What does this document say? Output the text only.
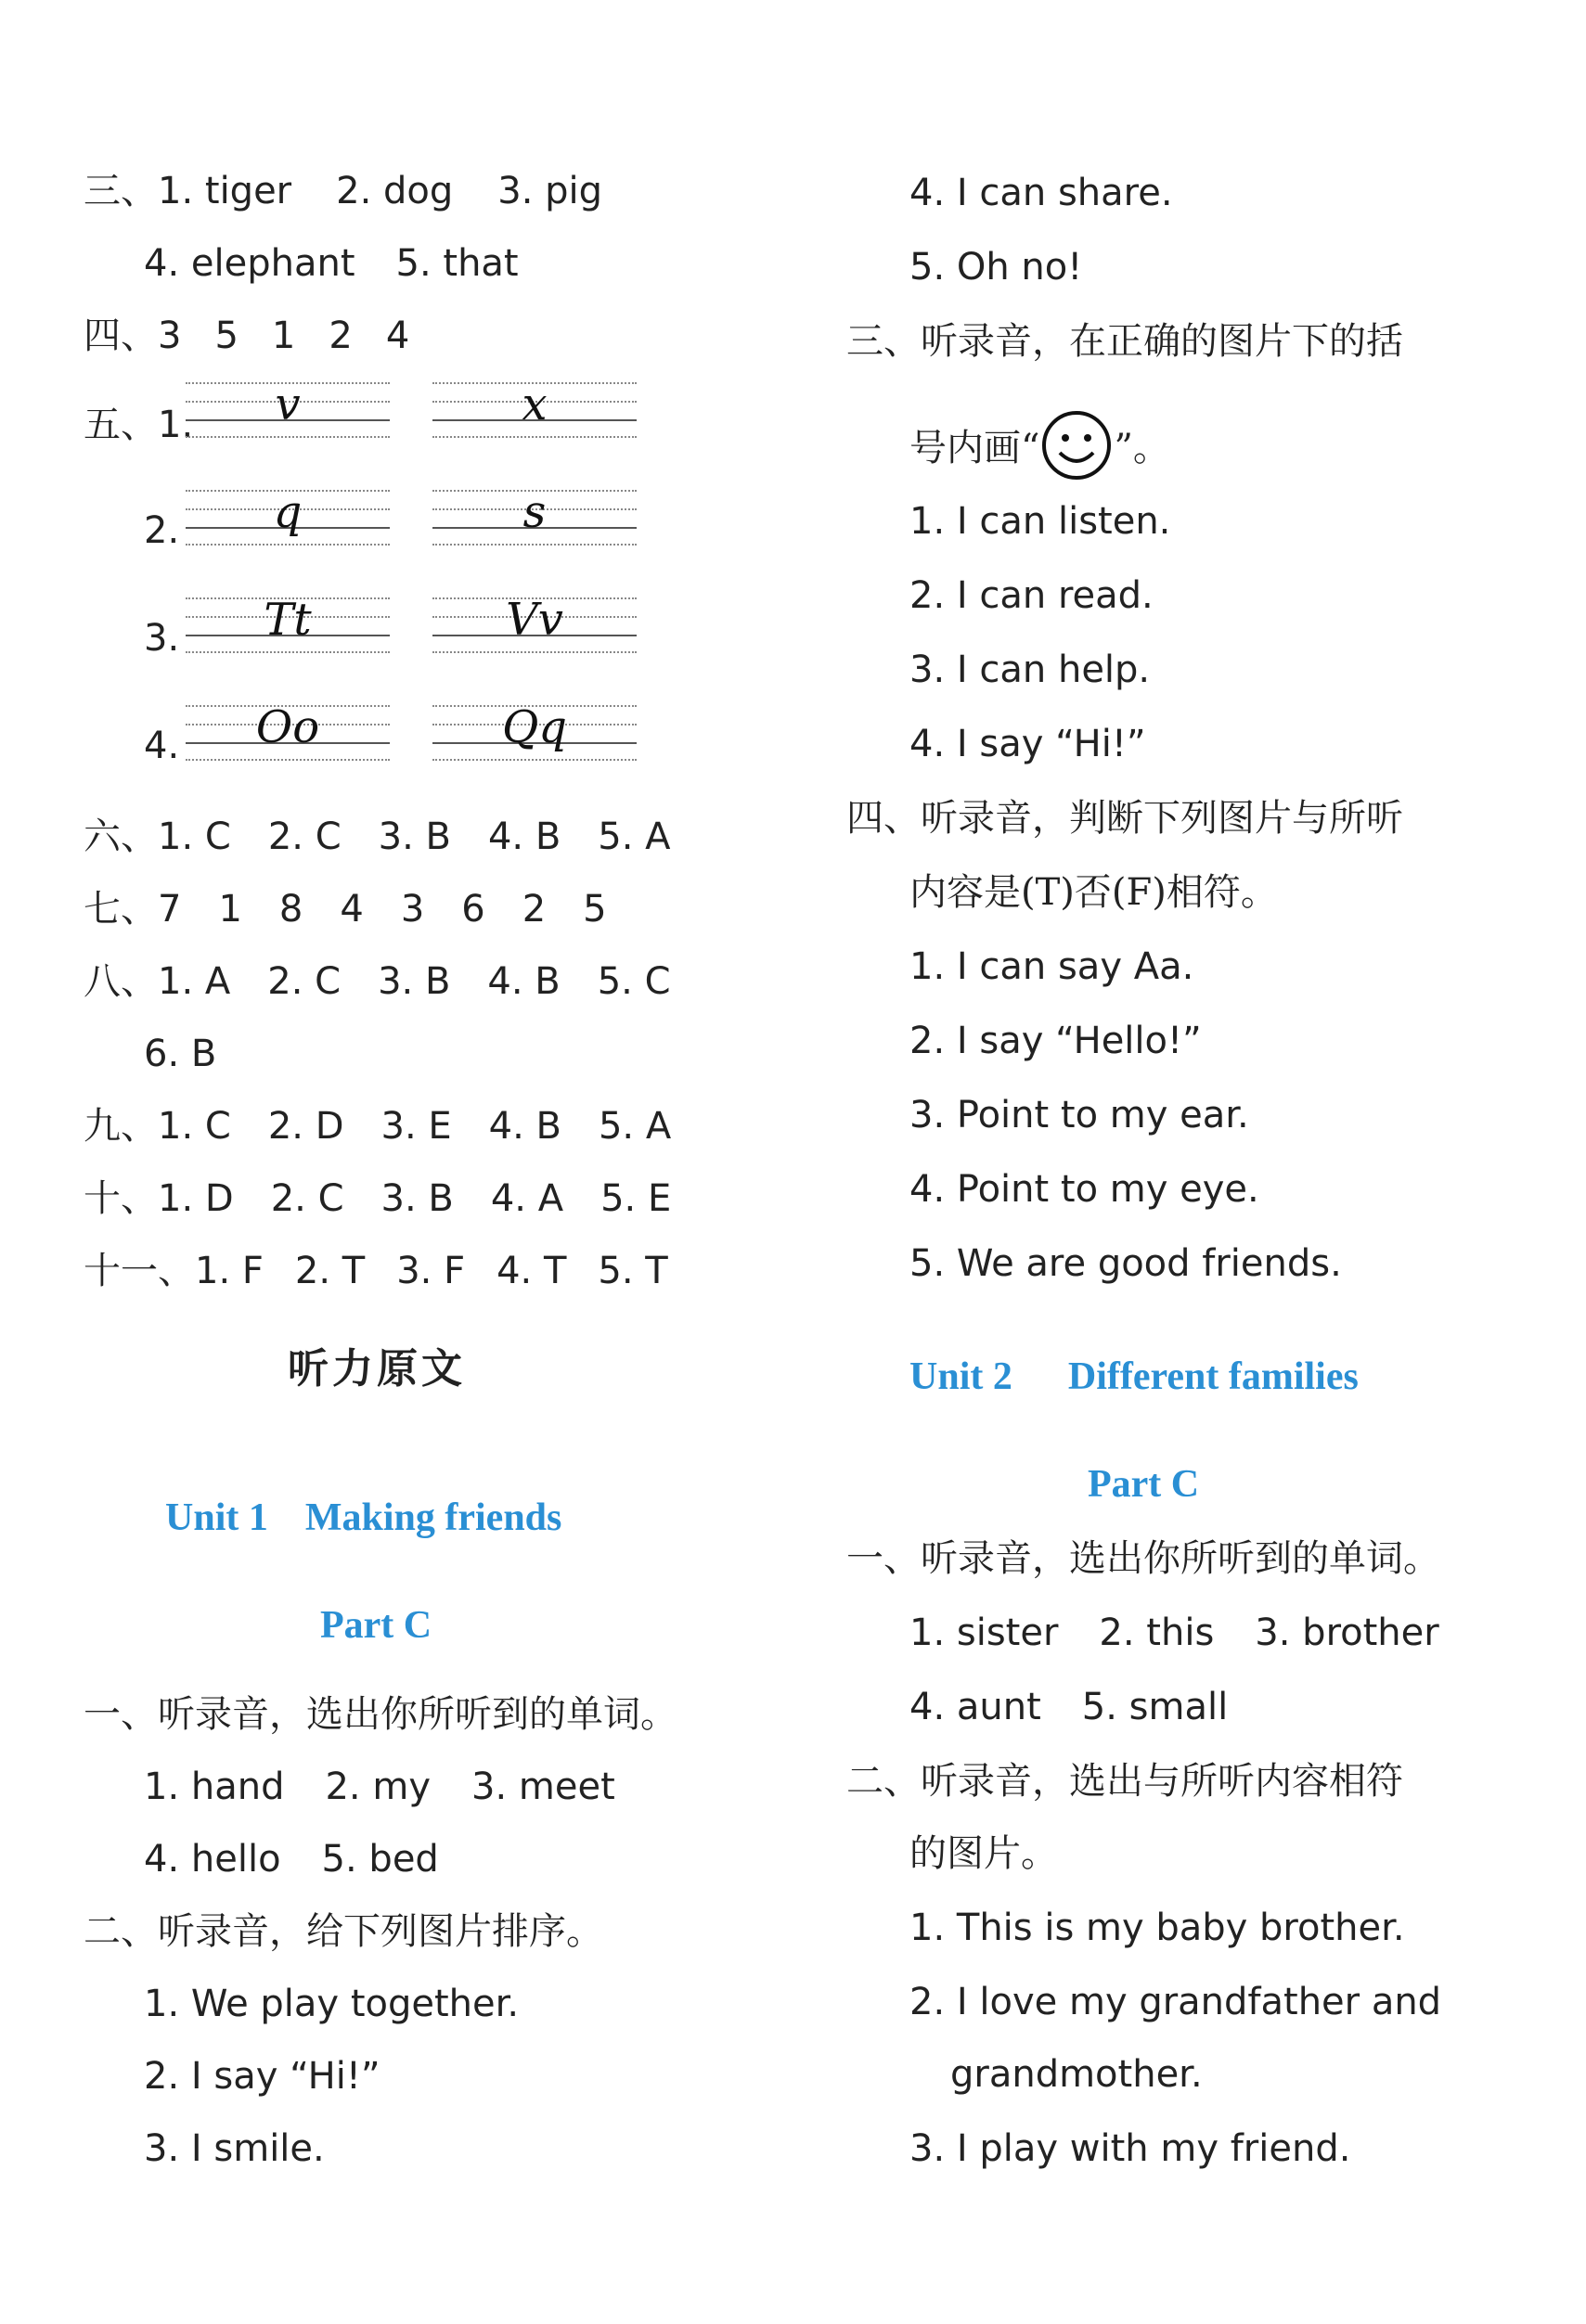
三、1. tiger 2. dog 3. pig
4. elephant 5. that
四、3 5 1 2 4
五、1.	v	x
2.	q	s
3.	Tt	Vv
4.	Oo	Qq
六、1. C 2. C 3. B 4. B 5. A
七、7 1 8 4 3 6 2 5
八、1. A 2. C 3. B 4. B 5. C
6. B
九、1. C 2. D 3. E 4. B 5. A
十、1. D 2. C 3. B 4. A 5. E
十一、1. F 2. T 3. F 4. T 5. T
听力原文
Unit 1 Making friends
Part C
一、听录音，选出你所听到的单词。
1. hand 2. my 3. meet
4. hello 5. bed
二、听录音，给下列图片排序。
1. We play together.
2. I say “Hi!”
3. I smile.
4. I can share.
5. Oh no!
三、听录音，在正确的图片下的括
号内画“ ”。
1. I can listen.
2. I can read.
3. I can help.
4. I say “Hi!”
四、听录音，判断下列图片与所听
内容是(T)否(F)相符。
1. I can say Aa.
2. I say “Hello!”
3. Point to my ear.
4. Point to my eye.
5. We are good friends.
Unit 2 Different families
Part C
一、听录音，选出你所听到的单词。
1. sister 2. this 3. brother
4. aunt 5. small
二、听录音，选出与所听内容相符
的图片。
1. This is my baby brother.
2. I love my grandfather and
grandmother.
3. I play with my friend.
